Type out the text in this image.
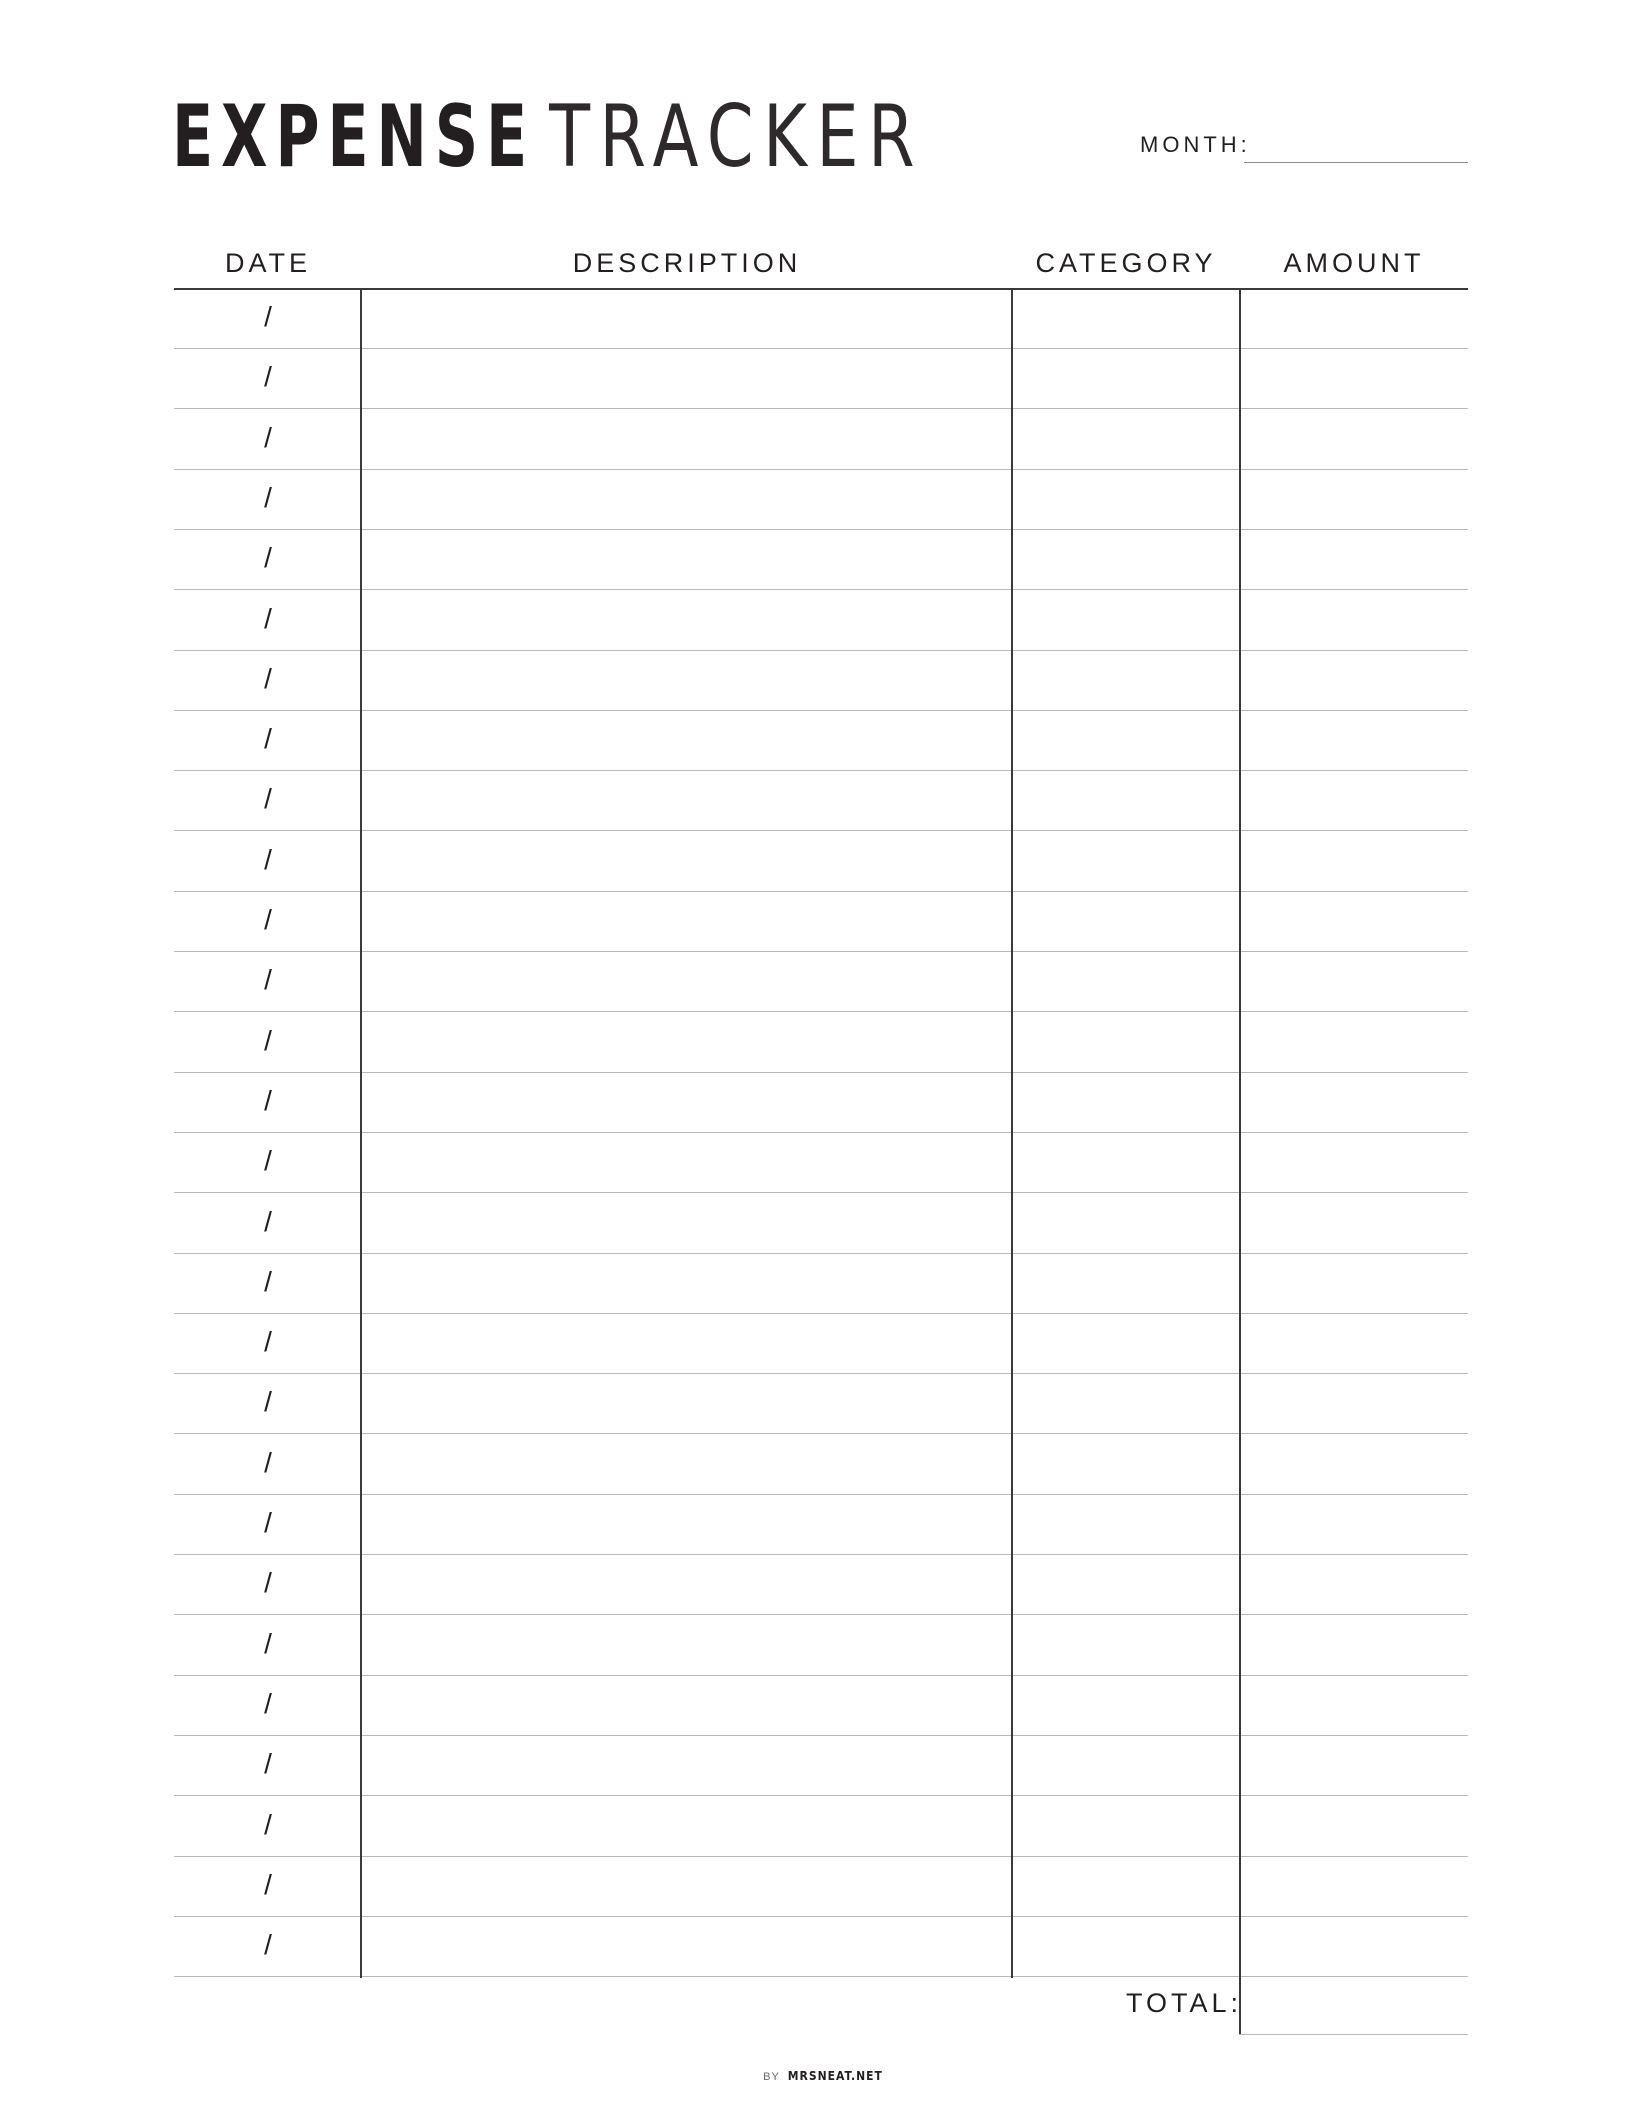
EXPENSE TRACKER	MONTH:
DATE	DESCRIPTION	CATEGORY	AMOUNT
/
/
/
/
/
/
/
/
/
/
/
/
/
/
/
/
/
/
/
/
/
/
/
/
/
/
/
/
TOTAL:
BY MRSNEAT.NET
